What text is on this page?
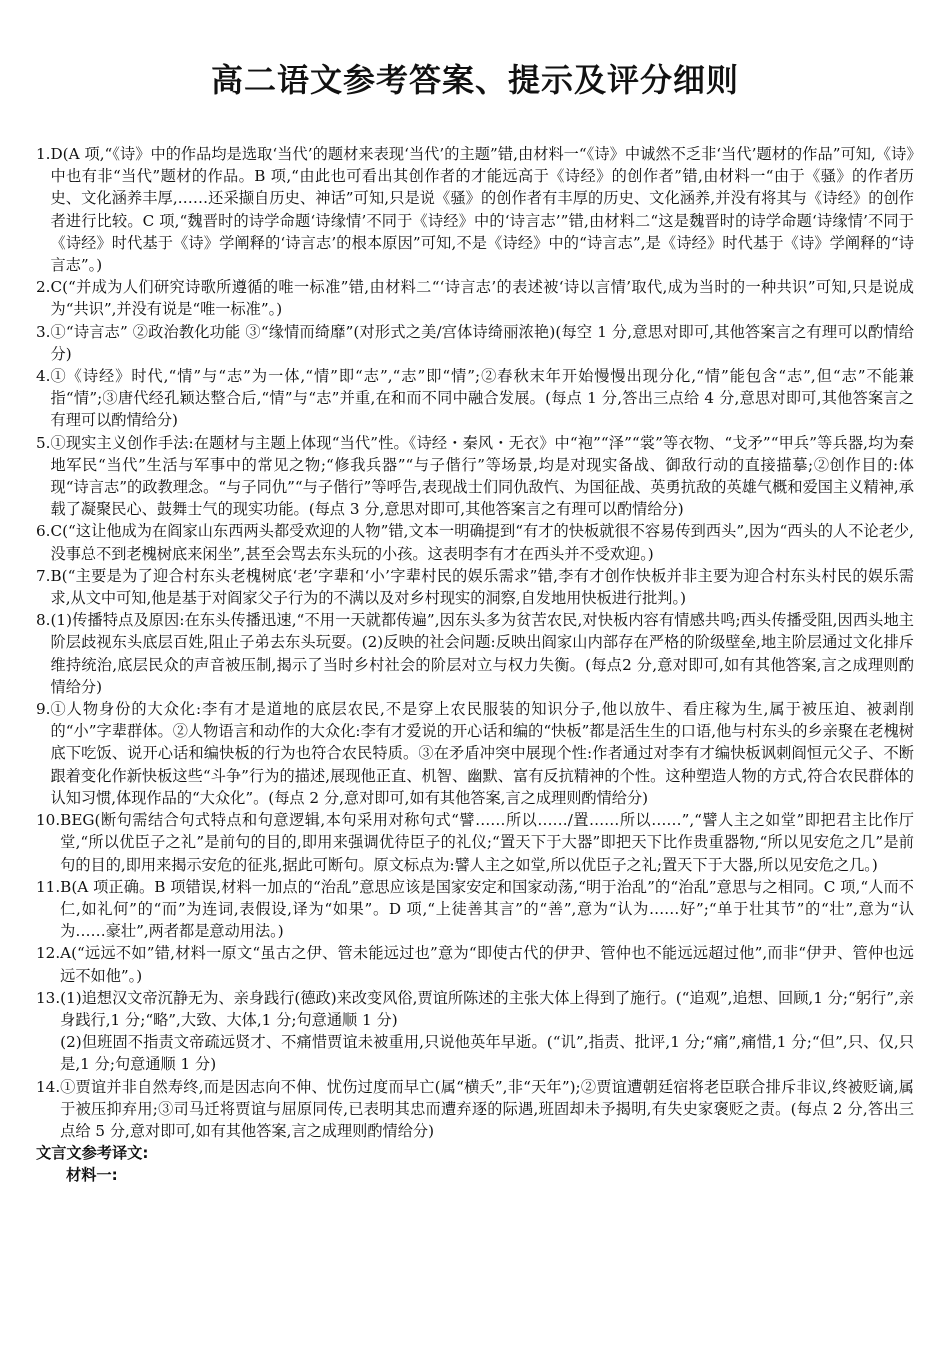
高二语文参考答案、提示及评分细则
1. D(A 项,“《诗》中的作品均是选取‘当代’的题材来表现‘当代’的主题”错,由材料一“《诗》中诚然不乏非‘当代’题材的作品”可知,《诗》中也有非“当代”题材的作品。B 项,“由此也可看出其创作者的才能远高于《诗经》的创作者”错,由材料一“由于《骚》的作者历史、文化涵养丰厚,……还采撷自历史、神话”可知,只是说《骚》的创作者有丰厚的历史、文化涵养,并没有将其与《诗经》的创作者进行比较。C 项,“魏晋时的诗学命题‘诗缘情’不同于《诗经》中的‘诗言志’”错,由材料二“这是魏晋时的诗学命题‘诗缘情’不同于《诗经》时代基于《诗》学阐释的‘诗言志’的根本原因”可知,不是《诗经》中的“诗言志”,是《诗经》时代基于《诗》学阐释的“诗言志”。)

2. C(“并成为人们研究诗歌所遵循的唯一标准”错,由材料二“‘诗言志’的表述被‘诗以言情’取代,成为当时的一种共识”可知,只是说成为“共识”,并没有说是“唯一标准”。)

3. ①“诗言志” ②政治教化功能 ③“缘情而绮靡”(对形式之美/宫体诗绮丽浓艳)(每空 1 分,意思对即可,其他答案言之有理可以酌情给分)

4. ①《诗经》时代,“情”与“志”为一体,“情”即“志”,“志”即“情”;②春秋末年开始慢慢出现分化,“情”能包含“志”,但“志”不能兼指“情”;③唐代经孔颖达整合后,“情”与“志”并重,在和而不同中融合发展。(每点 1 分,答出三点给 4 分,意思对即可,其他答案言之有理可以酌情给分)

5. ①现实主义创作手法:在题材与主题上体现“当代”性。《诗经・秦风・无衣》中“袍”“泽”“裳”等衣物、“戈矛”“甲兵”等兵器,均为秦地军民“当代”生活与军事中的常见之物;“修我兵器”“与子偕行”等场景,均是对现实备战、御敌行动的直接描摹;②创作目的:体现“诗言志”的政教理念。“与子同仇”“与子偕行”等呼告,表现战士们同仇敌忾、为国征战、英勇抗敌的英雄气概和爱国主义精神,承载了凝聚民心、鼓舞士气的现实功能。(每点 3 分,意思对即可,其他答案言之有理可以酌情给分)

6. C(“这让他成为在阎家山东西两头都受欢迎的人物”错,文本一明确提到“有才的快板就很不容易传到西头”,因为“西头的人不论老少,没事总不到老槐树底来闲坐”,甚至会骂去东头玩的小孩。这表明李有才在西头并不受欢迎。)

7. B(“主要是为了迎合村东头老槐树底‘老’字辈和‘小’字辈村民的娱乐需求”错,李有才创作快板并非主要为迎合村东头村民的娱乐需求,从文中可知,他是基于对阎家父子行为的不满以及对乡村现实的洞察,自发地用快板进行批判。)

8. (1)传播特点及原因:在东头传播迅速,“不用一天就都传遍”,因东头多为贫苦农民,对快板内容有情感共鸣;西头传播受阻,因西头地主阶层歧视东头底层百姓,阻止子弟去东头玩耍。(2)反映的社会问题:反映出阎家山内部存在严格的阶级壁垒,地主阶层通过文化排斥维持统治,底层民众的声音被压制,揭示了当时乡村社会的阶层对立与权力失衡。(每点2 分,意对即可,如有其他答案,言之成理则酌情给分)

9. ①人物身份的大众化:李有才是道地的底层农民,不是穿上农民服装的知识分子,他以放牛、看庄稼为生,属于被压迫、被剥削的“小”字辈群体。②人物语言和动作的大众化:李有才爱说的开心话和编的“快板”都是活生生的口语,他与村东头的乡亲聚在老槐树底下吃饭、说开心话和编快板的行为也符合农民特质。③在矛盾冲突中展现个性:作者通过对李有才编快板讽刺阎恒元父子、不断跟着变化作新快板这些“斗争”行为的描述,展现他正直、机智、幽默、富有反抗精神的个性。这种塑造人物的方式,符合农民群体的认知习惯,体现作品的“大众化”。(每点 2 分,意对即可,如有其他答案,言之成理则酌情给分)

10. BEG(断句需结合句式特点和句意逻辑,本句采用对称句式“譬……所以……/置……所以……”,“譬人主之如堂”即把君主比作厅堂,“所以优臣子之礼”是前句的目的,即用来强调优待臣子的礼仪;“置天下于大器”即把天下比作贵重器物,“所以见安危之几”是前句的目的,即用来揭示安危的征兆,据此可断句。原文标点为:譬人主之如堂,所以优臣子之礼;置天下于大器,所以见安危之几。)

11. B(A 项正确。B 项错误,材料一加点的“治乱”意思应该是国家安定和国家动荡,“明于治乱”的“治乱”意思与之相同。C 项,“人而不仁,如礼何”的“而”为连词,表假设,译为“如果”。D 项,“上徒善其言”的“善”,意为“认为……好”;“单于壮其节”的“壮”,意为“认为……豪壮”,两者都是意动用法。)

12. A(“远远不如”错,材料一原文“虽古之伊、管未能远过也”意为“即使古代的伊尹、管仲也不能远远超过他”,而非“伊尹、管仲也远远不如他”。)

13. (1)追想汉文帝沉静无为、亲身践行(德政)来改变风俗,贾谊所陈述的主张大体上得到了施行。(“追观”,追想、回顾,1 分;“躬行”,亲身践行,1 分;“略”,大致、大体,1 分;句意通顺 1 分)

(2)但班固不指责文帝疏远贤才、不痛惜贾谊未被重用,只说他英年早逝。(“讥”,指责、批评,1 分;“痛”,痛惜,1 分;“但”,只、仅,只是,1 分;句意通顺 1 分)

14. ①贾谊并非自然寿终,而是因志向不伸、忧伤过度而早亡(属“横夭”,非“天年”);②贾谊遭朝廷宿将老臣联合排斥非议,终被贬谪,属于被压抑弃用;③司马迁将贾谊与屈原同传,已表明其忠而遭弃逐的际遇,班固却未予揭明,有失史家褒贬之责。(每点 2 分,答出三点给 5 分,意对即可,如有其他答案,言之成理则酌情给分)

文言文参考译文:
材料一:
